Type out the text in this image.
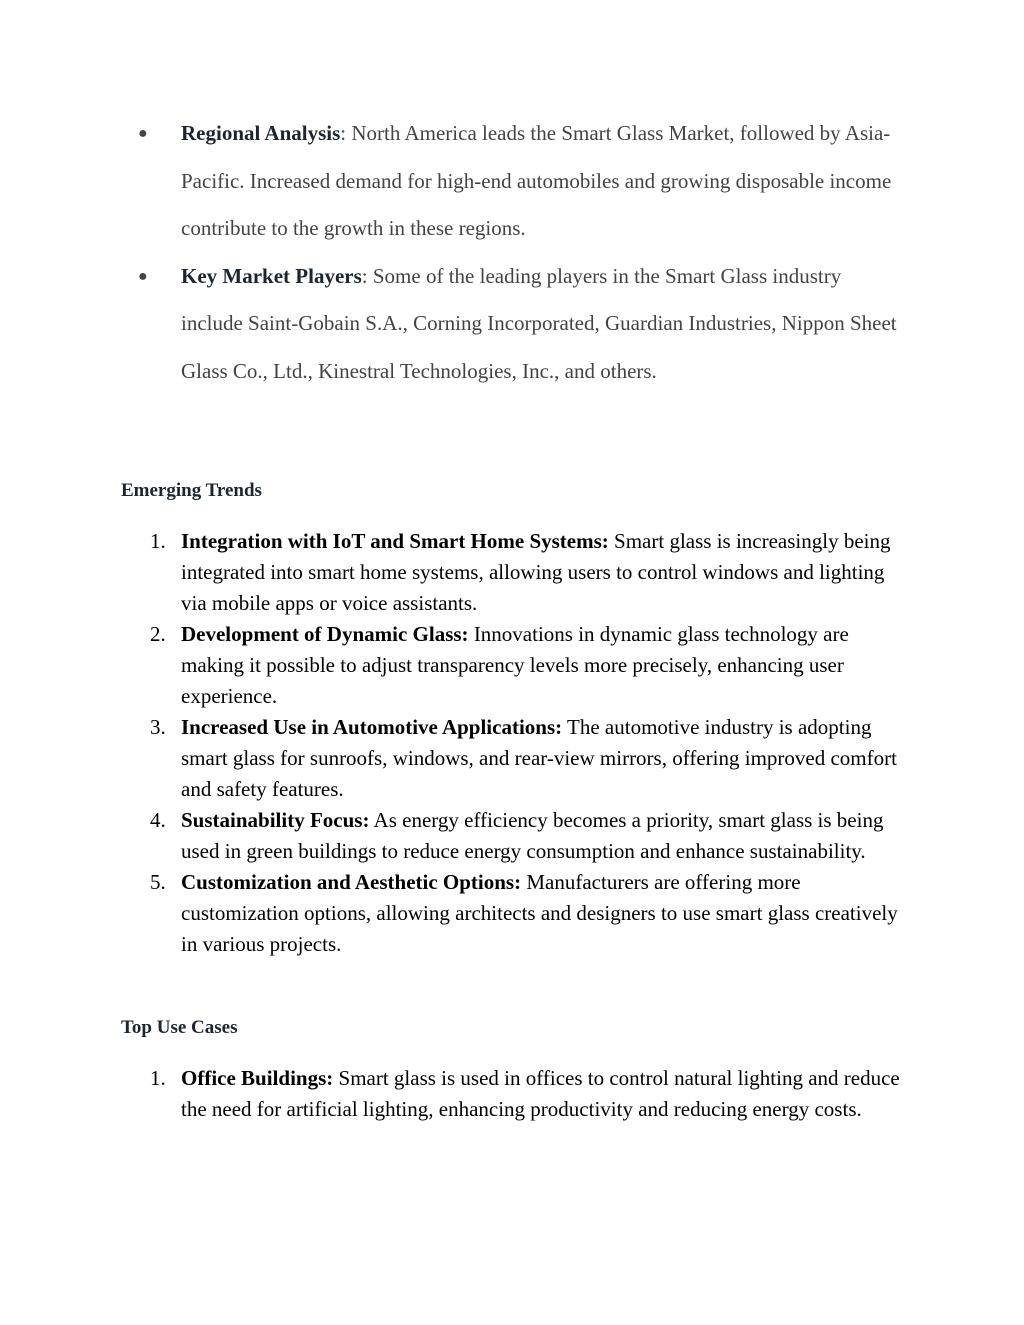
● Regional Analysis: North America leads the Smart Glass Market, followed by Asia-Pacific. Increased demand for high-end automobiles and growing disposable income contribute to the growth in these regions.
● Key Market Players: Some of the leading players in the Smart Glass industry include Saint-Gobain S.A., Corning Incorporated, Guardian Industries, Nippon Sheet Glass Co., Ltd., Kinestral Technologies, Inc., and others.
Emerging Trends
1. Integration with IoT and Smart Home Systems: Smart glass is increasingly being integrated into smart home systems, allowing users to control windows and lighting via mobile apps or voice assistants.
2. Development of Dynamic Glass: Innovations in dynamic glass technology are making it possible to adjust transparency levels more precisely, enhancing user experience.
3. Increased Use in Automotive Applications: The automotive industry is adopting smart glass for sunroofs, windows, and rear-view mirrors, offering improved comfort and safety features.
4. Sustainability Focus: As energy efficiency becomes a priority, smart glass is being used in green buildings to reduce energy consumption and enhance sustainability.
5. Customization and Aesthetic Options: Manufacturers are offering more customization options, allowing architects and designers to use smart glass creatively in various projects.
Top Use Cases
1. Office Buildings: Smart glass is used in offices to control natural lighting and reduce the need for artificial lighting, enhancing productivity and reducing energy costs.
